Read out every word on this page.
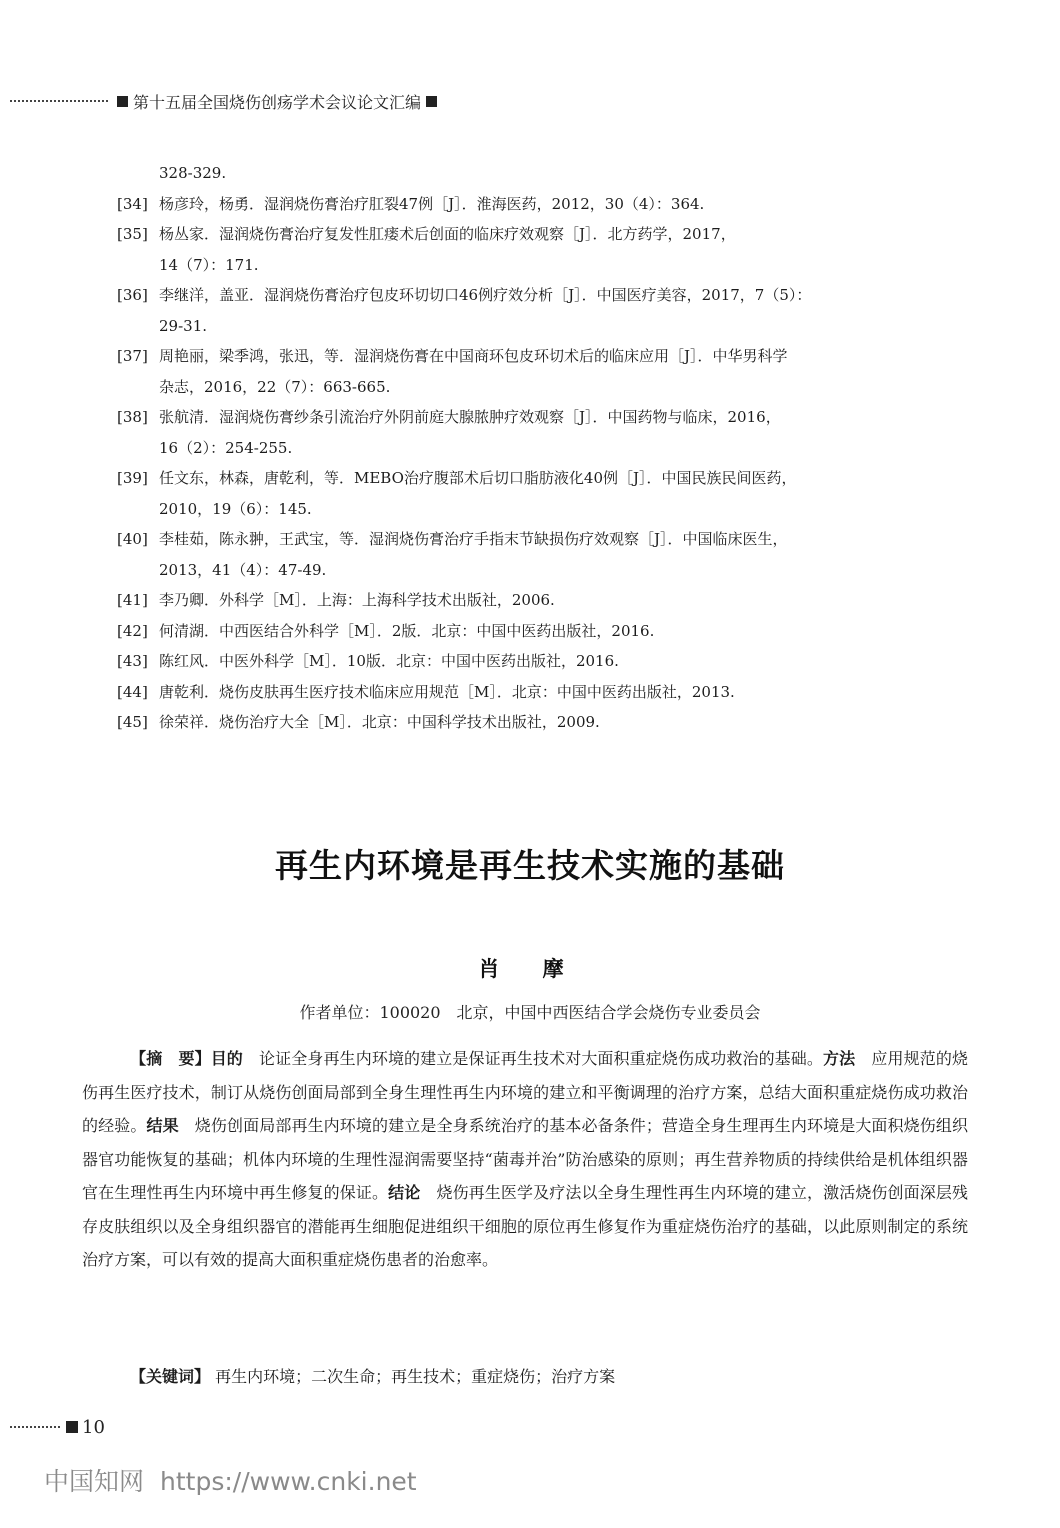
第十五届全国烧伤创疡学术会议论文汇编
328-329.
[34] 杨彦玲，杨勇．湿润烧伤膏治疗肛裂47例［J］．淮海医药，2012，30（4）：364.
[35] 杨丛家．湿润烧伤膏治疗复发性肛瘘术后创面的临床疗效观察［J］．北方药学，2017，
14（7）：171.
[36] 李继洋，盖亚．湿润烧伤膏治疗包皮环切切口46例疗效分析［J］．中国医疗美容，2017，7（5）：
29-31.
[37] 周艳丽，梁季鸿，张迅，等．湿润烧伤膏在中国商环包皮环切术后的临床应用［J］．中华男科学
杂志，2016，22（7）：663-665.
[38] 张航清．湿润烧伤膏纱条引流治疗外阴前庭大腺脓肿疗效观察［J］．中国药物与临床，2016，
16（2）：254-255.
[39] 任文东，林森，唐乾利，等．MEBO治疗腹部术后切口脂肪液化40例［J］．中国民族民间医药，
2010，19（6）：145.
[40] 李桂茹，陈永翀，王武宝，等．湿润烧伤膏治疗手指末节缺损伤疗效观察［J］．中国临床医生，
2013，41（4）：47-49.
[41] 李乃卿．外科学［M］．上海：上海科学技术出版社，2006.
[42] 何清湖．中西医结合外科学［M］．2版．北京：中国中医药出版社，2016.
[43] 陈红风．中医外科学［M］．10版．北京：中国中医药出版社，2016.
[44] 唐乾利．烧伤皮肤再生医疗技术临床应用规范［M］．北京：中国中医药出版社，2013.
[45] 徐荣祥．烧伤治疗大全［M］．北京：中国科学技术出版社，2009.
再生内环境是再生技术实施的基础
肖 摩
作者单位：100020　北京，中国中西医结合学会烧伤专业委员会
【摘　要】目的　论证全身再生内环境的建立是保证再生技术对大面积重症烧伤成功救治的基础。方法　应用规范的烧伤再生医疗技术，制订从烧伤创面局部到全身生理性再生内环境的建立和平衡调理的治疗方案，总结大面积重症烧伤成功救治的经验。结果　烧伤创面局部再生内环境的建立是全身系统治疗的基本必备条件；营造全身生理再生内环境是大面积烧伤组织器官功能恢复的基础；机体内环境的生理性湿润需要坚持“菌毒并治”防治感染的原则；再生营养物质的持续供给是机体组织器官在生理性再生内环境中再生修复的保证。结论　烧伤再生医学及疗法以全身生理性再生内环境的建立，激活烧伤创面深层残存皮肤组织以及全身组织器官的潜能再生细胞促进组织干细胞的原位再生修复作为重症烧伤治疗的基础，以此原则制定的系统治疗方案，可以有效的提高大面积重症烧伤患者的治愈率。
【关键词】 再生内环境；二次生命；再生技术；重症烧伤；治疗方案
10
中国知网 https://www.cnki.net
